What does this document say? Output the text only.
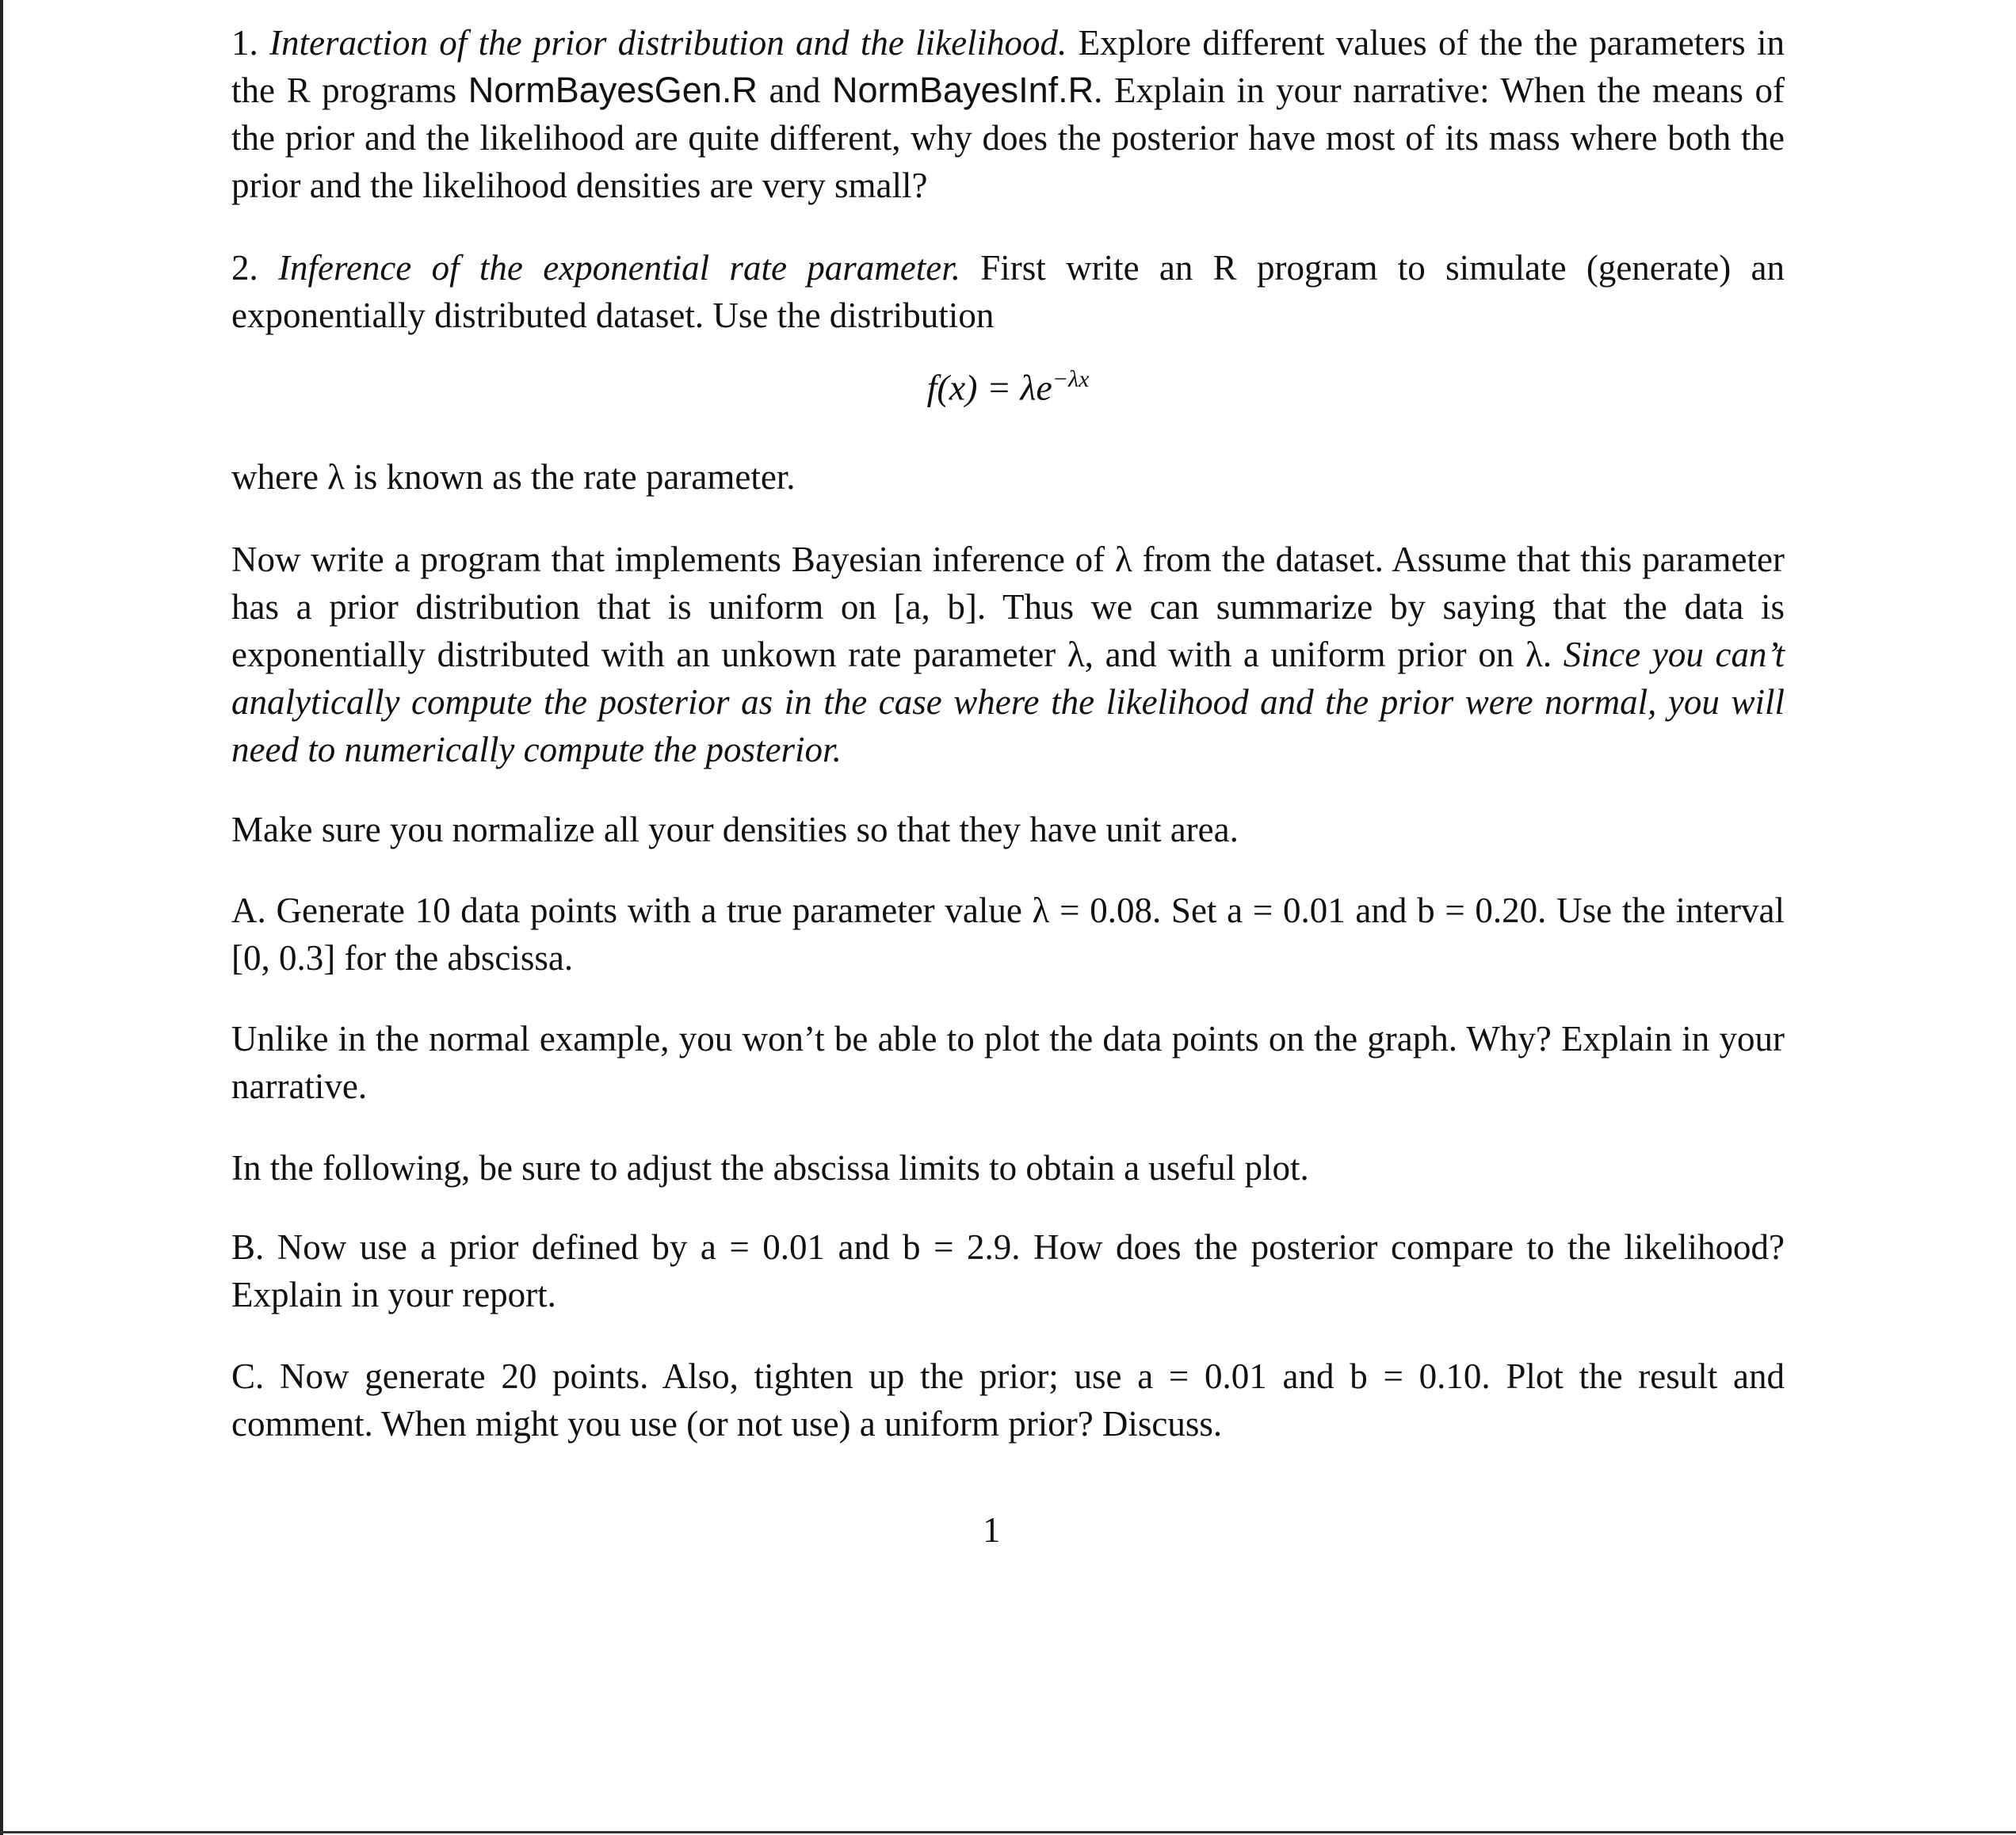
1. Interaction of the prior distribution and the likelihood. Explore different values of the the parameters in the R programs NormBayesGen.R and NormBayesInf.R. Explain in your narrative: When the means of the prior and the likelihood are quite different, why does the posterior have most of its mass where both the prior and the likelihood densities are very small?
2. Inference of the exponential rate parameter. First write an R program to simulate (generate) an exponentially distributed dataset. Use the distribution
$f(x) = \lambda e^{-\lambda x}$
where λ is known as the rate parameter.
Now write a program that implements Bayesian inference of λ from the dataset. Assume that this parameter has a prior distribution that is uniform on [a, b]. Thus we can summarize by saying that the data is exponentially distributed with an unkown rate parameter λ, and with a uniform prior on λ. Since you can’t analytically compute the posterior as in the case where the likelihood and the prior were normal, you will need to numerically compute the posterior.
Make sure you normalize all your densities so that they have unit area.
A. Generate 10 data points with a true parameter value λ = 0.08. Set a = 0.01 and b = 0.20. Use the interval [0, 0.3] for the abscissa.
Unlike in the normal example, you won’t be able to plot the data points on the graph. Why? Explain in your narrative.
In the following, be sure to adjust the abscissa limits to obtain a useful plot.
B. Now use a prior defined by a = 0.01 and b = 2.9. How does the posterior compare to the likelihood? Explain in your report.
C. Now generate 20 points. Also, tighten up the prior; use a = 0.01 and b = 0.10. Plot the result and comment. When might you use (or not use) a uniform prior? Discuss.
1
